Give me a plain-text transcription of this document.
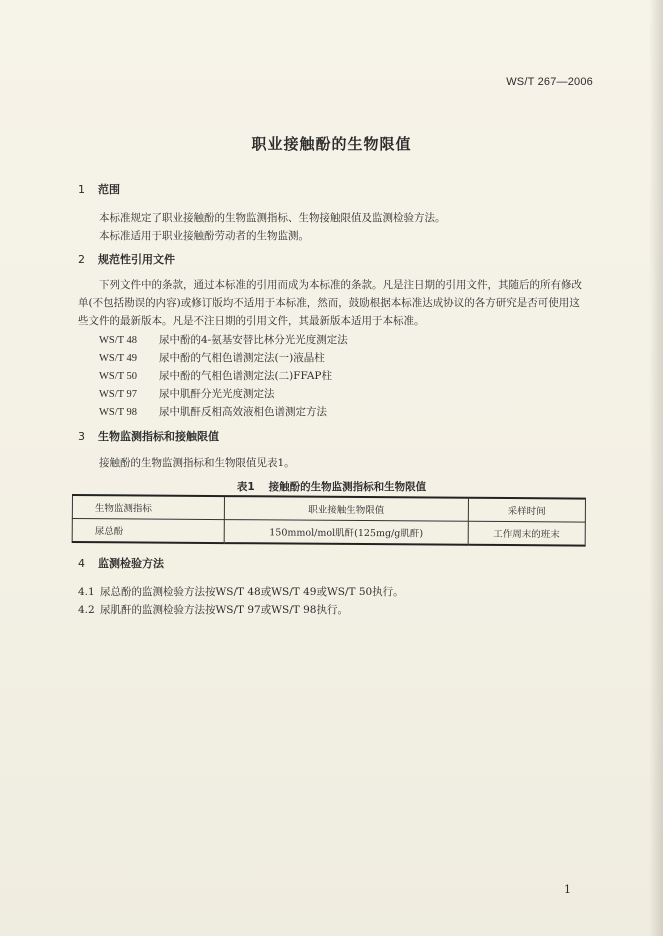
WS/T 267—2006
职业接触酚的生物限值
1 范围
本标准规定了职业接触酚的生物监测指标、生物接触限值及监测检验方法。
本标准适用于职业接触酚劳动者的生物监测。
2 规范性引用文件
下列文件中的条款，通过本标准的引用而成为本标准的条款。凡是注日期的引用文件，其随后的所有修改单(不包括勘误的内容)或修订版均不适用于本标准，然而，鼓励根据本标准达成协议的各方研究是否可使用这些文件的最新版本。凡是不注日期的引用文件，其最新版本适用于本标准。
WS/T 48 尿中酚的4-氨基安替比林分光光度测定法
WS/T 49 尿中酚的气相色谱测定法(一)液晶柱
WS/T 50 尿中酚的气相色谱测定法(二)FFAP柱
WS/T 97 尿中肌酐分光光度测定法
WS/T 98 尿中肌酐反相高效液相色谱测定方法
3 生物监测指标和接触限值
接触酚的生物监测指标和生物限值见表1。
表1 接触酚的生物监测指标和生物限值
生物监测指标	职业接触生物限值	采样时间
尿总酚	150mmol/mol肌酐(125mg/g肌酐)	工作周末的班末
4 监测检验方法
4.1 尿总酚的监测检验方法按WS/T 48或WS/T 49或WS/T 50执行。
4.2 尿肌酐的监测检验方法按WS/T 97或WS/T 98执行。
1
